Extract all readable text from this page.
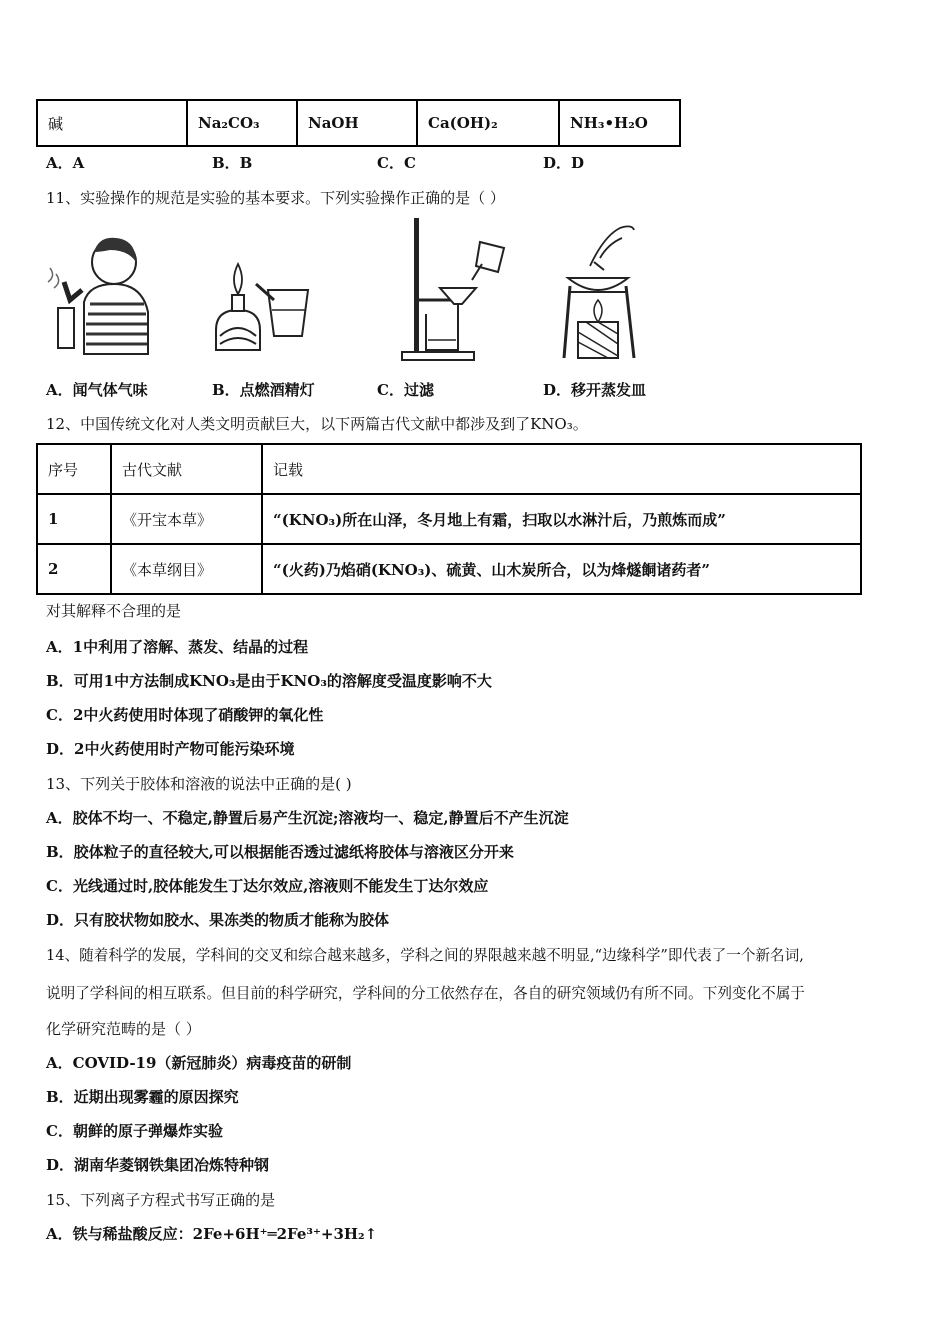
碱	Na₂CO₃	NaOH	Ca(OH)₂	NH₃•H₂O
A．A	B．B	C．C	D．D
11、实验操作的规范是实验的基本要求。下列实验操作正确的是（ ）
A．闻气体气味	B．点燃酒精灯	C．过滤	D．移开蒸发皿
12、中国传统文化对人类文明贡献巨大，以下两篇古代文献中都涉及到了KNO₃。
序号	古代文献	记载
1	《开宝本草》	“(KNO₃)所在山泽，冬月地上有霜，扫取以水淋汁后，乃煎炼而成”
2	《本草纲目》	“(火药)乃焰硝(KNO₃)、硫黄、山木炭所合，以为烽燧餇诸药者”
对其解释不合理的是
A．1中利用了溶解、蒸发、结晶的过程
B．可用1中方法制成KNO₃是由于KNO₃的溶解度受温度影响不大
C．2中火药使用时体现了硝酸钾的氧化性
D．2中火药使用时产物可能污染环境
13、下列关于胶体和溶液的说法中正确的是( )
A．胶体不均一、不稳定,静置后易产生沉淀;溶液均一、稳定,静置后不产生沉淀
B．胶体粒子的直径较大,可以根据能否透过滤纸将胶体与溶液区分开来
C．光线通过时,胶体能发生丁达尔效应,溶液则不能发生丁达尔效应
D．只有胶状物如胶水、果冻类的物质才能称为胶体
14、随着科学的发展，学科间的交叉和综合越来越多，学科之间的界限越来越不明显,“边缘科学”即代表了一个新名词,
说明了学科间的相互联系。但目前的科学研究，学科间的分工依然存在，各自的研究领域仍有所不同。下列变化不属于
化学研究范畴的是（ ）
A．COVID-19（新冠肺炎）病毒疫苗的研制
B．近期出现雾霾的原因探究
C．朝鲜的原子弹爆炸实验
D．湖南华菱钢铁集团冶炼特种钢
15、下列离子方程式书写正确的是
A．铁与稀盐酸反应：2Fe+6H⁺═2Fe³⁺+3H₂↑
